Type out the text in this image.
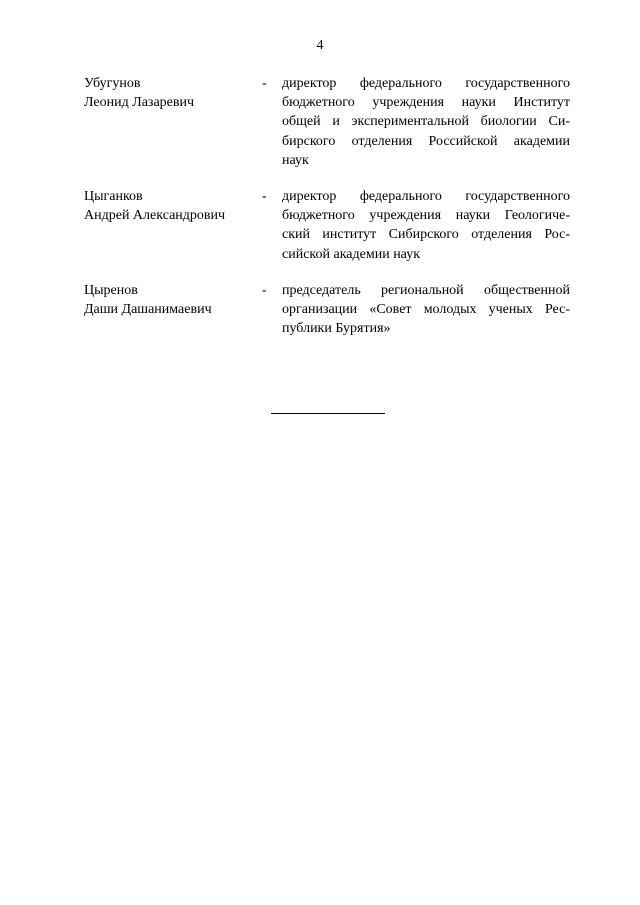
4
Убугунов
Леонид Лазаревич
-	директор федерального государственного
бюджетного учреждения науки Институт
общей и экспериментальной биологии Си-
бирского отделения Российской академии
наук
Цыганков
Андрей Александрович
-	директор федерального государственного
бюджетного учреждения науки Геологиче-
ский институт Сибирского отделения Рос-
сийской академии наук
Цыренов
Даши Дашанимаевич
-	председатель региональной общественной
организации «Совет молодых ученых Рес-
публики Бурятия»
